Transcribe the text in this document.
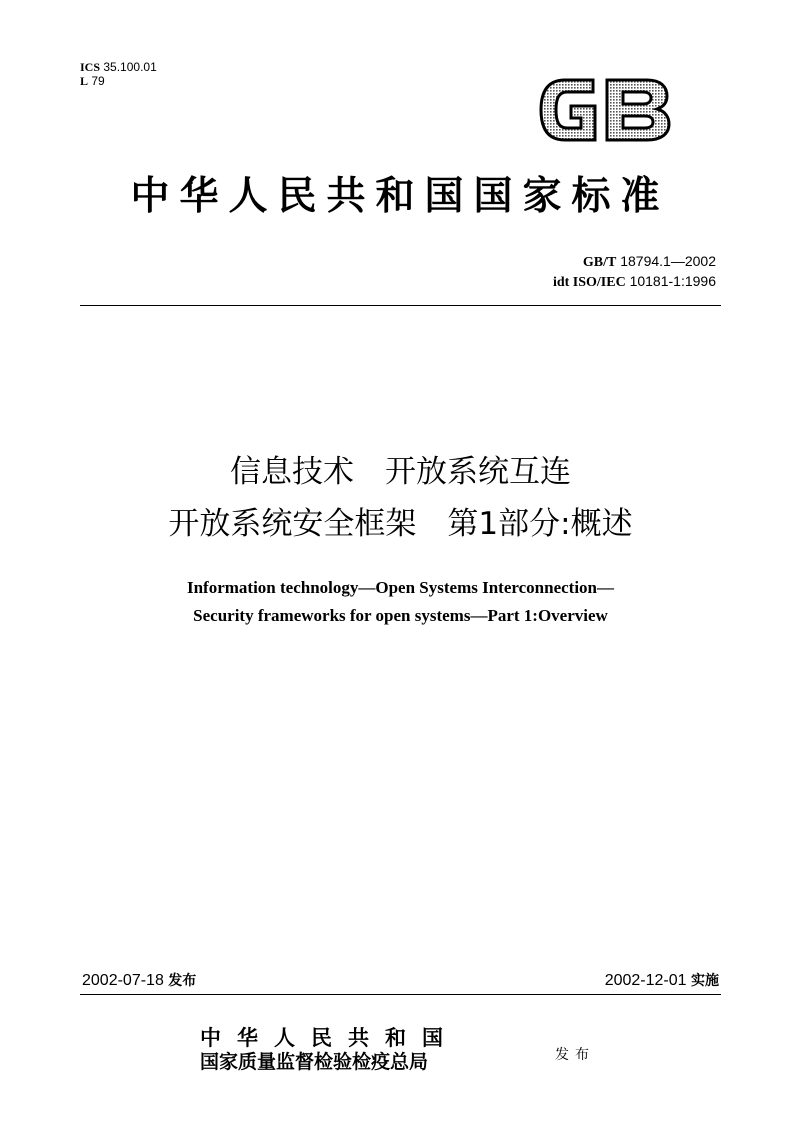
ICS 35.100.01
L 79
中华人民共和国国家标准
GB/T 18794.1—2002
idt ISO/IEC 10181-1:1996
信息技术　开放系统互连
开放系统安全框架　第1部分:概述
Information technology—Open Systems Interconnection—
Security frameworks for open systems—Part 1:Overview
2002-07-18 发布	2002-12-01 实施
中华人民共和国
国家质量监督检验检疫总局	发布
